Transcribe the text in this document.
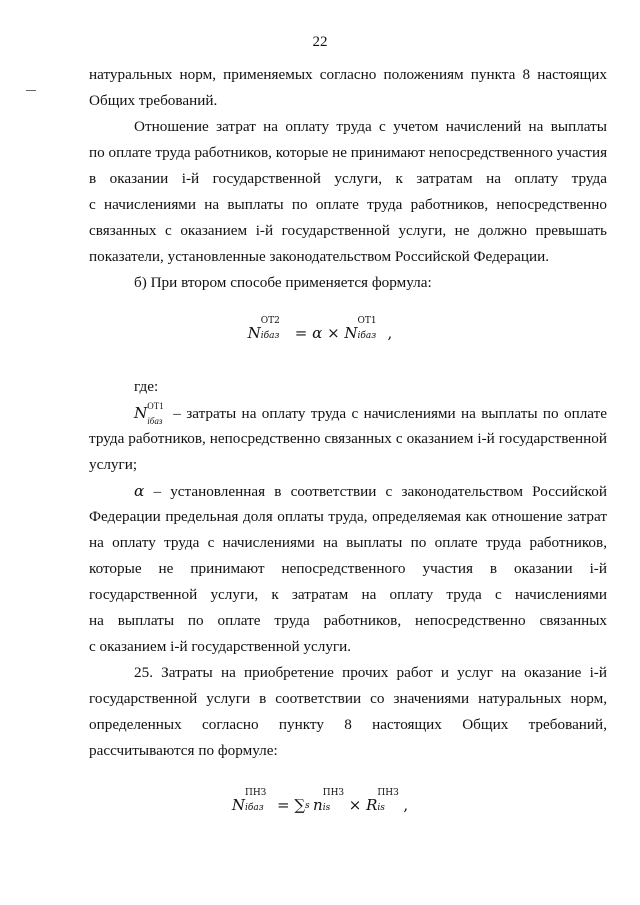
22
натуральных норм, применяемых согласно положениям пункта 8 настоящих
Общих требований.
Отношение затрат на оплату труда с учетом начислений на выплаты
по оплате труда работников, которые не принимают непосредственного участия
в оказании i-й государственной услуги, к затратам на оплату труда
с начислениями на выплаты по оплате труда работников, непосредственно
связанных с оказанием i-й государственной услуги, не должно превышать
показатели, установленные законодательством Российской Федерации.
б) При втором способе применяется формула:
N
ОТ2
iбаз = α × N
ОТ1
iбаз ,
где:
N ОТ1
iбаз – затраты на оплату труда с начислениями на выплаты по оплате
труда работников, непосредственно связанных с оказанием i-й государственной
услуги;
α – установленная в соответствии с законодательством Российской
Федерации предельная доля оплаты труда, определяемая как отношение затрат
на оплату труда с начислениями на выплаты по оплате труда работников,
которые не принимают непосредственного участия в оказании i-й
государственной услуги, к затратам на оплату труда с начислениями
на выплаты по оплате труда работников, непосредственно связанных
с оказанием i-й государственной услуги.
25. Затраты на приобретение прочих работ и услуг на оказание i-й
государственной услуги в соответствии со значениями натуральных норм,
определенных согласно пункту 8 настоящих Общих требований,
рассчитываются по формуле:
N
ПНЗ
iбаз = ∑ s n
ПНЗ
is × R
ПНЗ
is ,
